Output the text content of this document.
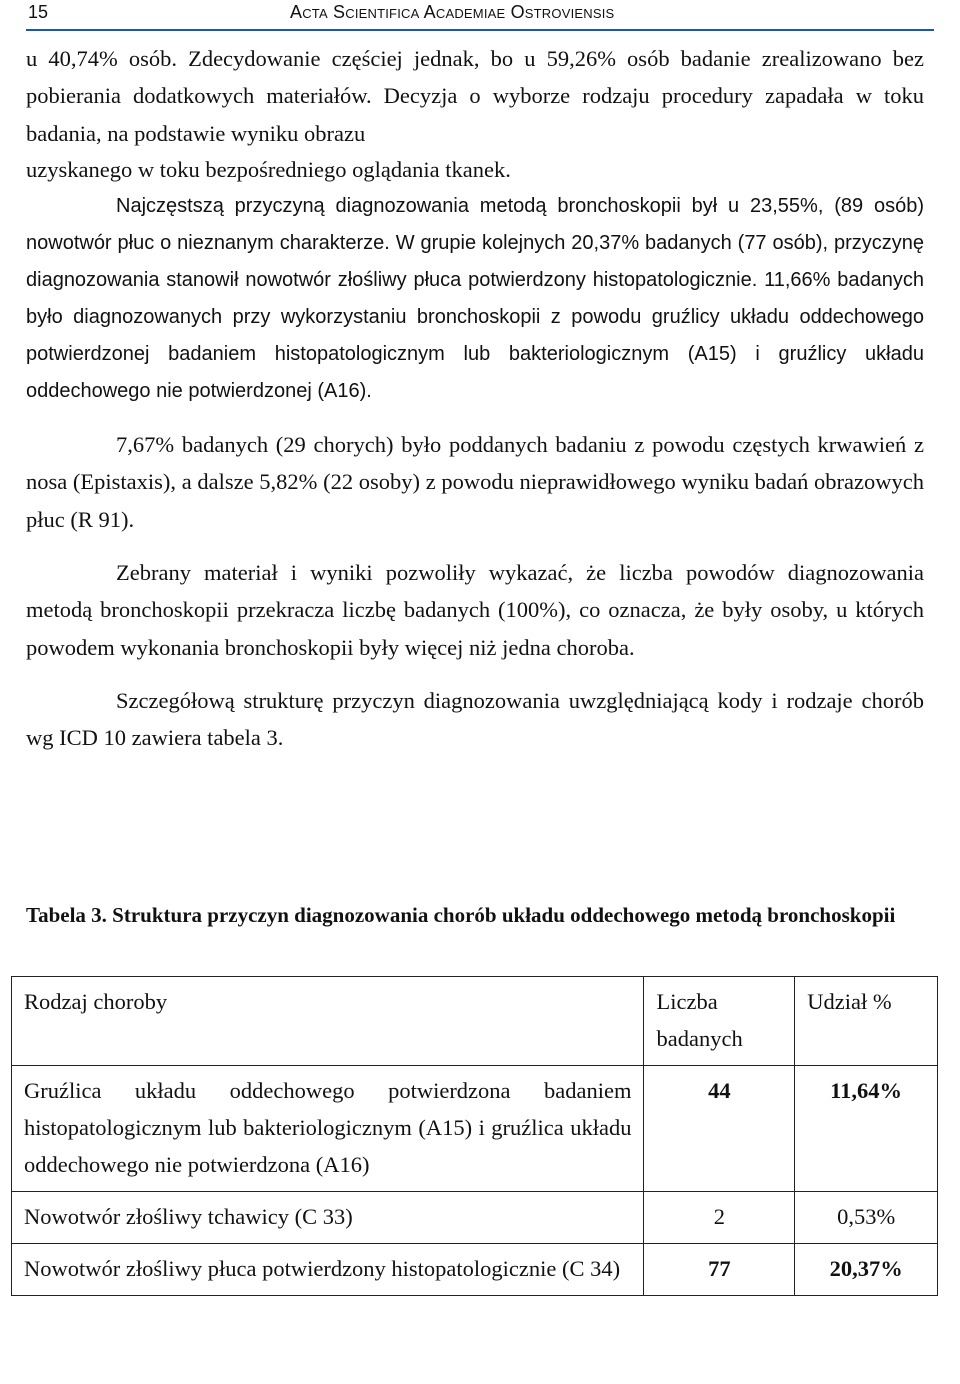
15	Acta Scientifica Academiae Ostroviensis

u 40,74% osób. Zdecydowanie częściej jednak, bo u 59,26% osób badanie zrealizowano bez pobierania dodatkowych materiałów. Decyzja o wyborze rodzaju procedury zapadała w toku badania, na podstawie wyniku obrazu

uzyskanego w toku bezpośredniego oglądania tkanek.

Najczęstszą przyczyną diagnozowania metodą bronchoskopii był u 23,55%, (89 osób) nowotwór płuc o nieznanym charakterze. W grupie kolejnych 20,37% badanych (77 osób), przyczynę diagnozowania stanowił nowotwór złośliwy płuca potwierdzony histopatologicznie. 11,66% badanych było diagnozowanych przy wykorzystaniu bronchoskopii z powodu gruźlicy układu oddechowego potwierdzonej badaniem histopatologicznym lub bakteriologicznym (A15) i gruźlicy układu oddechowego nie potwierdzonej (A16).

7,67% badanych (29 chorych) było poddanych badaniu z powodu częstych krwawień z nosa (Epistaxis), a dalsze 5,82% (22 osoby) z powodu nieprawidłowego wyniku badań obrazowych płuc (R 91).

Zebrany materiał i wyniki pozwoliły wykazać, że liczba powodów diagnozowania metodą bronchoskopii przekracza liczbę badanych (100%), co oznacza, że były osoby, u których powodem wykonania bronchoskopii były więcej niż jedna choroba.

Szczegółową strukturę przyczyn diagnozowania uwzględniającą kody i rodzaje chorób wg ICD 10 zawiera tabela 3.

Tabela 3. Struktura przyczyn diagnozowania chorób układu oddechowego metodą bronchoskopii
Rodzaj choroby	Liczba badanych	Udział %
Gruźlica układu oddechowego potwierdzona badaniem histopatologicznym lub bakteriologicznym (A15) i gruźlica układu oddechowego nie potwierdzona (A16)	44	11,64%
Nowotwór złośliwy tchawicy (C 33)	2	0,53%
Nowotwór złośliwy płuca potwierdzony histopatologicznie (C 34)	77	20,37%
